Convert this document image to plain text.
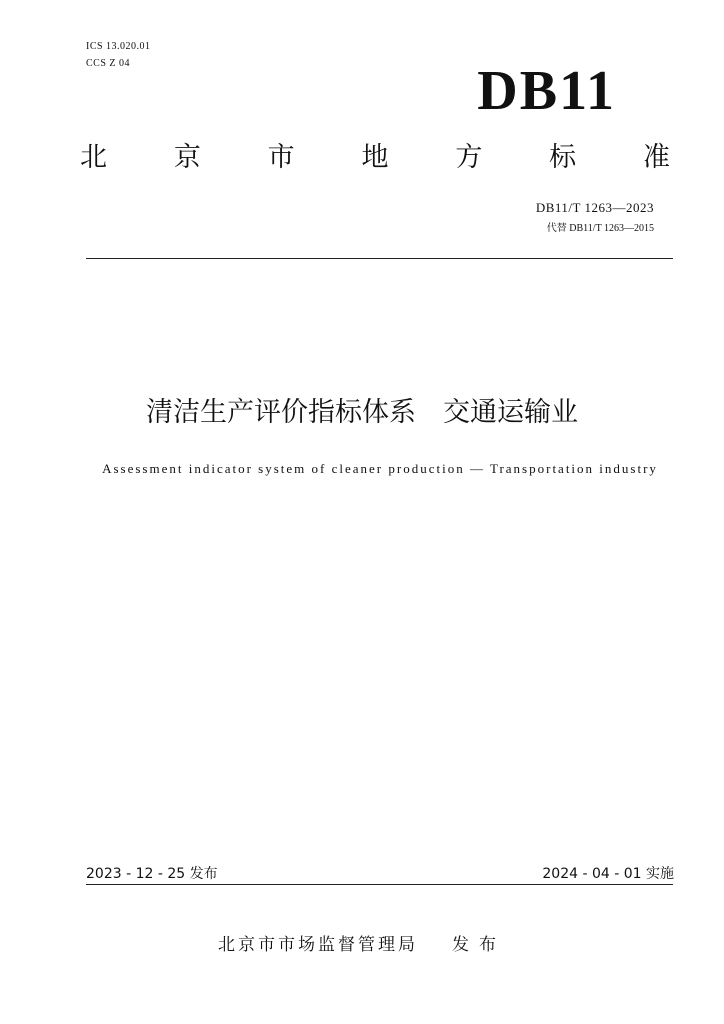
ICS 13.020.01
CCS Z 04	DB11
北 京 市 地 方 标 准
DB11/T 1263—2023
代替 DB11/T 1263—2015
清洁生产评价指标体系　交通运输业
Assessment indicator system of cleaner production — Transportation industry
2023 - 12 - 25 发布	2024 - 04 - 01 实施
北京市市场监督管理局 发布
